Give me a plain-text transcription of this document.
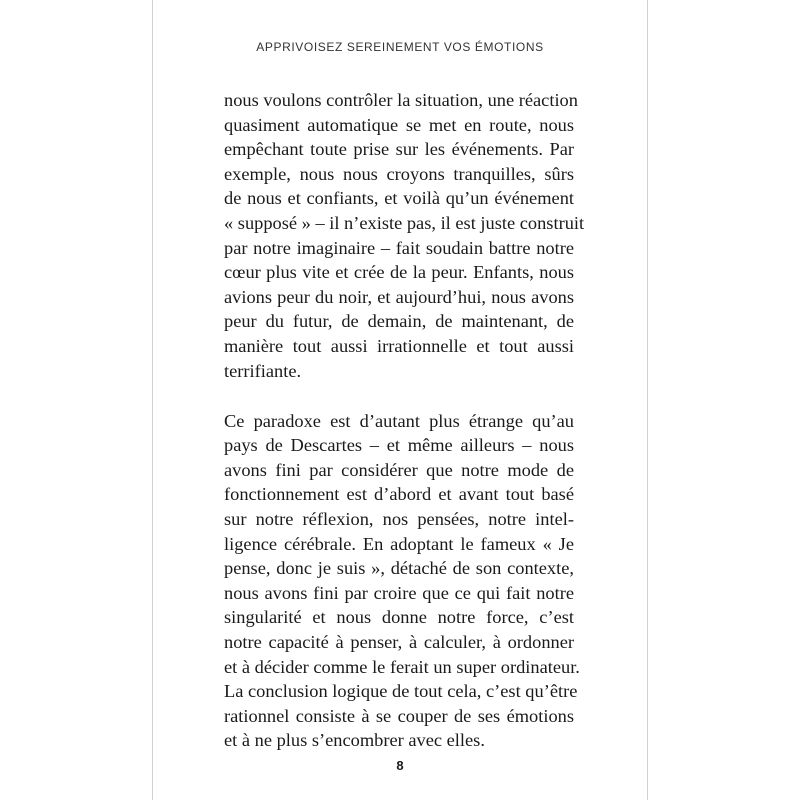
APPRIVOISEZ SEREINEMENT VOS ÉMOTIONS
nous voulons contrôler la situation, une réaction
quasiment automatique se met en route, nous
empêchant toute prise sur les événements. Par
exemple, nous nous croyons tranquilles, sûrs
de nous et confiants, et voilà qu’un événement
« supposé » – il n’existe pas, il est juste construit
par notre imaginaire – fait soudain battre notre
cœur plus vite et crée de la peur. Enfants, nous
avions peur du noir, et aujourd’hui, nous avons
peur du futur, de demain, de maintenant, de
manière tout aussi irrationnelle et tout aussi
terrifiante.
Ce paradoxe est d’autant plus étrange qu’au
pays de Descartes – et même ailleurs – nous
avons fini par considérer que notre mode de
fonctionnement est d’abord et avant tout basé
sur notre réflexion, nos pensées, notre intel-
ligence cérébrale. En adoptant le fameux « Je
pense, donc je suis », détaché de son contexte,
nous avons fini par croire que ce qui fait notre
singularité et nous donne notre force, c’est
notre capacité à penser, à calculer, à ordonner
et à décider comme le ferait un super ordinateur.
La conclusion logique de tout cela, c’est qu’être
rationnel consiste à se couper de ses émotions
et à ne plus s’encombrer avec elles.
8
